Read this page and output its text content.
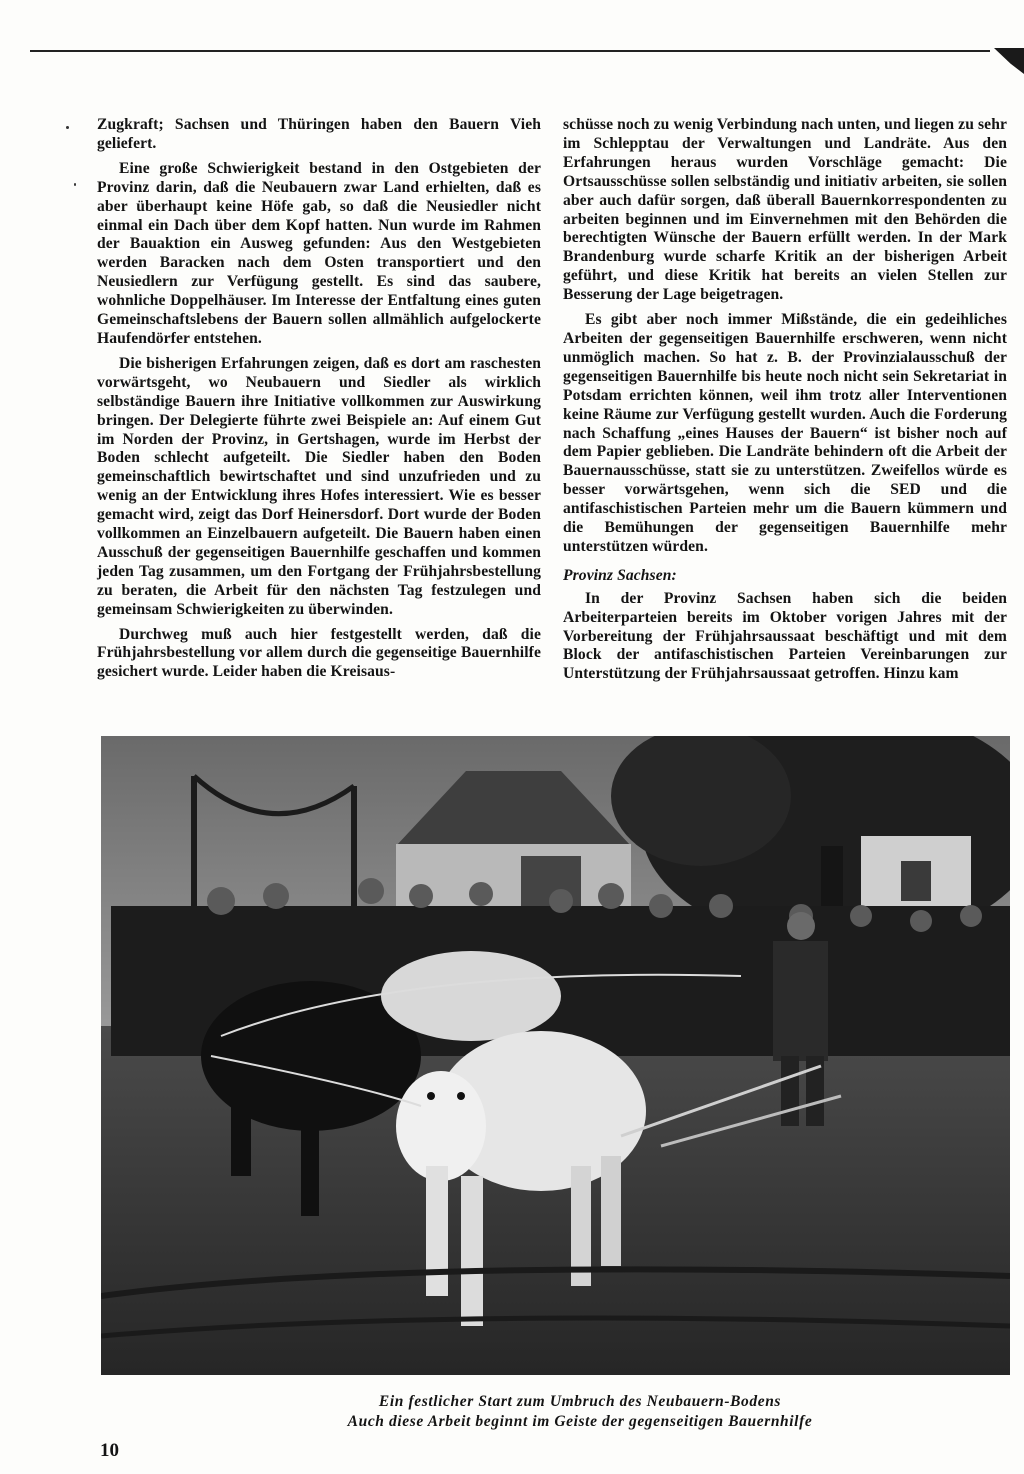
Zugkraft; Sachsen und Thüringen haben den Bauern Vieh geliefert.

Eine große Schwierigkeit bestand in den Ostgebieten der Provinz darin, daß die Neubauern zwar Land erhielten, daß es aber überhaupt keine Höfe gab, so daß die Neusiedler nicht einmal ein Dach über dem Kopf hatten. Nun wurde im Rahmen der Bauaktion ein Ausweg gefunden: Aus den Westgebieten werden Baracken nach dem Osten transportiert und den Neusiedlern zur Verfügung gestellt. Es sind das saubere, wohnliche Doppelhäuser. Im Interesse der Entfaltung eines guten Gemeinschaftslebens der Bauern sollen allmählich aufgelockerte Haufendörfer entstehen.

Die bisherigen Erfahrungen zeigen, daß es dort am raschesten vorwärtsgeht, wo Neubauern und Siedler als wirklich selbständige Bauern ihre Initiative vollkommen zur Auswirkung bringen. Der Delegierte führte zwei Beispiele an: Auf einem Gut im Norden der Provinz, in Gertshagen, wurde im Herbst der Boden schlecht aufgeteilt. Die Siedler haben den Boden gemeinschaftlich bewirtschaftet und sind unzufrieden und zu wenig an der Entwicklung ihres Hofes interessiert. Wie es besser gemacht wird, zeigt das Dorf Heinersdorf. Dort wurde der Boden vollkommen an Einzelbauern aufgeteilt. Die Bauern haben einen Ausschuß der gegenseitigen Bauernhilfe geschaffen und kommen jeden Tag zusammen, um den Fortgang der Frühjahrsbestellung zu beraten, die Arbeit für den nächsten Tag festzulegen und gemeinsam Schwierigkeiten zu überwinden.

Durchweg muß auch hier festgestellt werden, daß die Frühjahrsbestellung vor allem durch die gegenseitige Bauernhilfe gesichert wurde. Leider haben die Kreisaus-

schüsse noch zu wenig Verbindung nach unten, und liegen zu sehr im Schlepptau der Verwaltungen und Landräte. Aus den Erfahrungen heraus wurden Vorschläge gemacht: Die Ortsausschüsse sollen selbständig und initiativ arbeiten, sie sollen aber auch dafür sorgen, daß überall Bauernkorrespondenten zu arbeiten beginnen und im Einvernehmen mit den Behörden die berechtigten Wünsche der Bauern erfüllt werden. In der Mark Brandenburg wurde scharfe Kritik an der bisherigen Arbeit geführt, und diese Kritik hat bereits an vielen Stellen zur Besserung der Lage beigetragen.

Es gibt aber noch immer Mißstände, die ein gedeihliches Arbeiten der gegenseitigen Bauernhilfe erschweren, wenn nicht unmöglich machen. So hat z. B. der Provinzialausschuß der gegenseitigen Bauernhilfe bis heute noch nicht sein Sekretariat in Potsdam errichten können, weil ihm trotz aller Interventionen keine Räume zur Verfügung gestellt wurden. Auch die Forderung nach Schaffung „eines Hauses der Bauern“ ist bisher noch auf dem Papier geblieben. Die Landräte behindern oft die Arbeit der Bauernausschüsse, statt sie zu unterstützen. Zweifellos würde es besser vorwärtsgehen, wenn sich die SED und die antifaschistischen Parteien mehr um die Bauern kümmern und die Bemühungen der gegenseitigen Bauernhilfe mehr unterstützen würden.

Provinz Sachsen:

In der Provinz Sachsen haben sich die beiden Arbeiterparteien bereits im Oktober vorigen Jahres mit der Vorbereitung der Frühjahrsaussaat beschäftigt und mit dem Block der antifaschistischen Parteien Vereinbarungen zur Unterstützung der Frühjahrsaussaat getroffen. Hinzu kam

Ein festlicher Start zum Umbruch des Neubauern-Bodens
Auch diese Arbeit beginnt im Geiste der gegenseitigen Bauernhilfe
10
